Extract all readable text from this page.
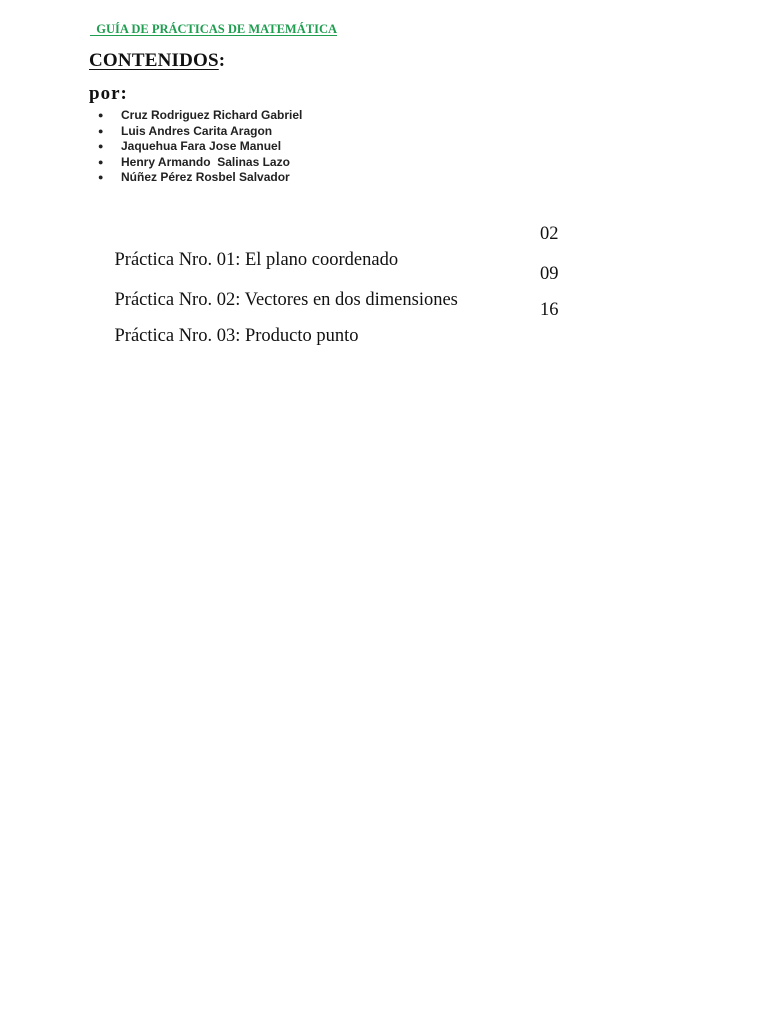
GUÍA DE PRÁCTICAS DE MATEMÁTICA
CONTENIDOS:
por:
● Cruz Rodriguez Richard Gabriel
● Luis Andres Carita Aragon
● Jaquehua Fara Jose Manuel
● Henry Armando  Salinas Lazo
● Núñez Pérez Rosbel Salvador

Práctica Nro. 01: El plano coordenado

02

Práctica Nro. 02: Vectores en dos dimensiones

09

Práctica Nro. 03: Producto punto

16
